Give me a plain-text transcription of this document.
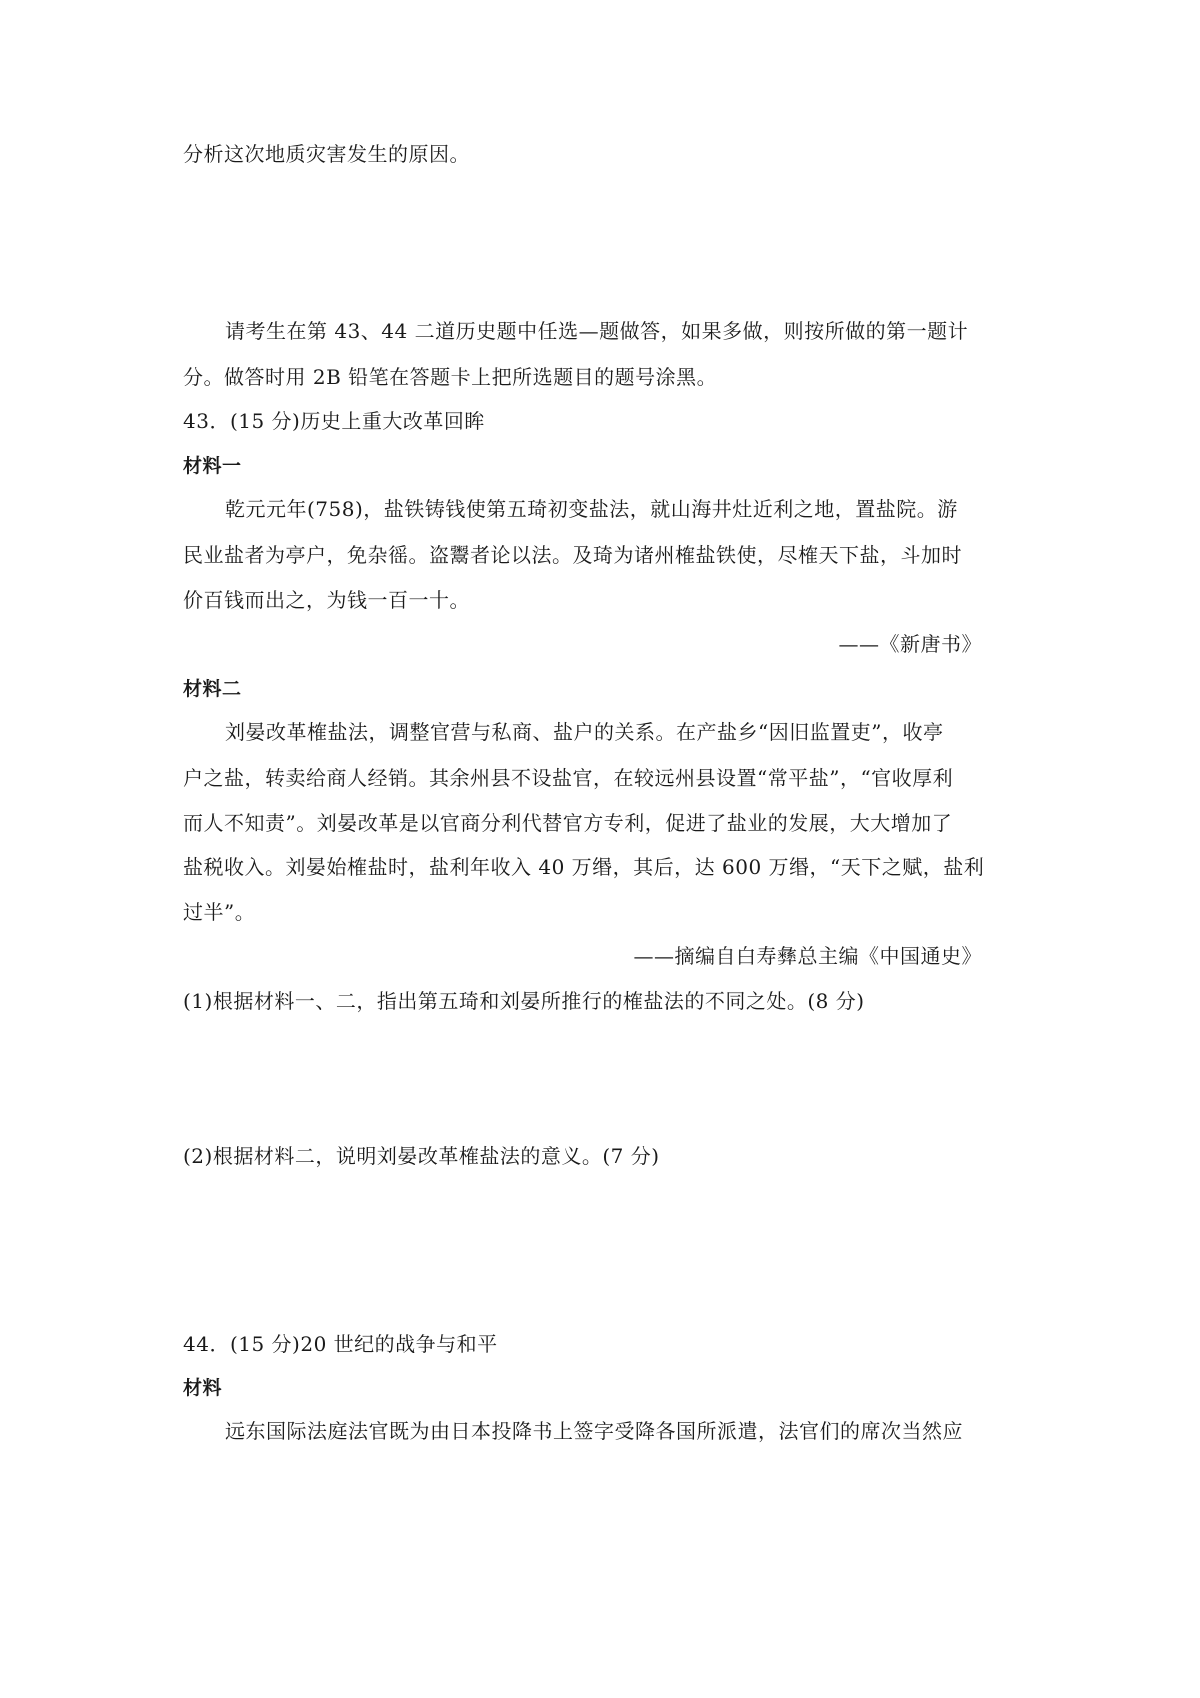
分析这次地质灾害发生的原因。
请考生在第 43、44 二道历史题中任选—题做答，如果多做，则按所做的第一题计
分。做答时用 2B 铅笔在答题卡上把所选题目的题号涂黑。
43．(15 分)历史上重大改革回眸
材料一
乾元元年(758)，盐铁铸钱使第五琦初变盐法，就山海井灶近利之地，置盐院。游
民业盐者为亭户，免杂徭。盗鬻者论以法。及琦为诸州榷盐铁使，尽榷天下盐，斗加时
价百钱而出之，为钱一百一十。
——《新唐书》
材料二
刘晏改革榷盐法，调整官营与私商、盐户的关系。在产盐乡“因旧监置吏”，收亭
户之盐，转卖给商人经销。其余州县不设盐官，在较远州县设置“常平盐”，“官收厚利
而人不知责”。刘晏改革是以官商分利代替官方专利，促进了盐业的发展，大大增加了
盐税收入。刘晏始榷盐时，盐利年收入 40 万缗，其后，达 600 万缗，“天下之赋，盐利
过半”。
——摘编自白寿彝总主编《中国通史》
(1)根据材料一、二，指出第五琦和刘晏所推行的榷盐法的不同之处。(8 分)
(2)根据材料二，说明刘晏改革榷盐法的意义。(7 分)
44．(15 分)20 世纪的战争与和平
材料
远东国际法庭法官既为由日本投降书上签字受降各国所派遣，法官们的席次当然应
